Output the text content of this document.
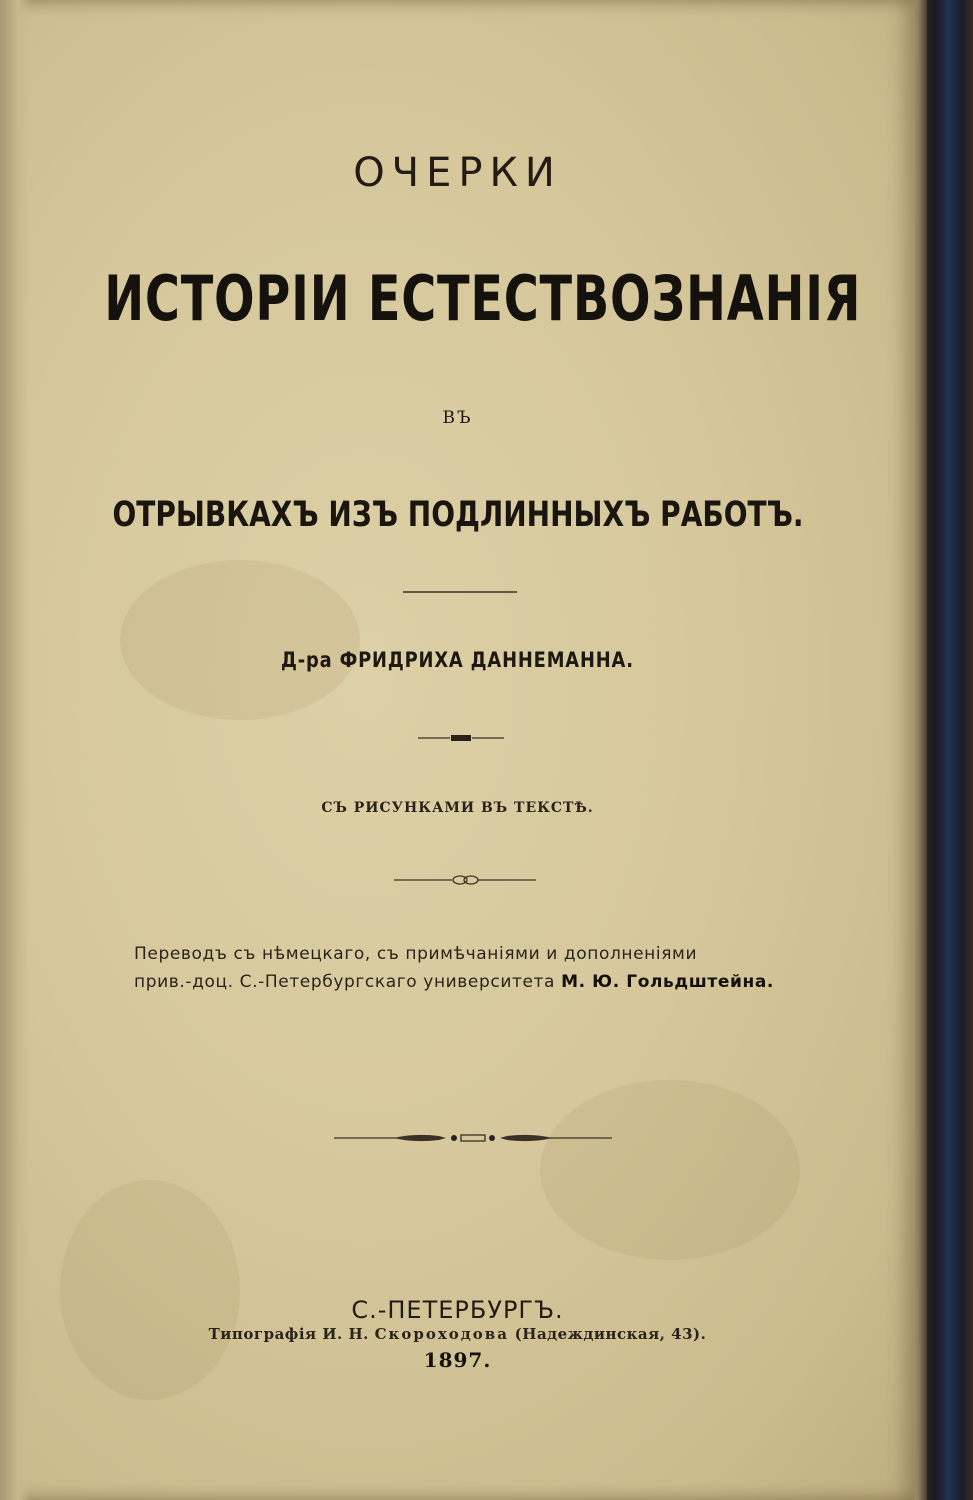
ОЧЕРКИ
ИСТОРIИ ЕСТЕСТВОЗНАНIЯ
ВЪ
ОТРЫВКАХЪ ИЗЪ ПОДЛИННЫХЪ РАБОТЪ.
Д-ра ФРИДРИХА ДАННЕМАННА.
СЪ РИСУНКАМИ ВЪ ТЕКСТѢ.
Переводъ съ нѣмецкаго, съ примѣчанiями и дополненiями
прив.-доц. С.-Петербургскаго университета М. Ю. Гольдштейна.
С.-ПЕТЕРБУРГЪ.
Типографiя И. Н. Скороходова (Надеждинская, 43).
1897.
